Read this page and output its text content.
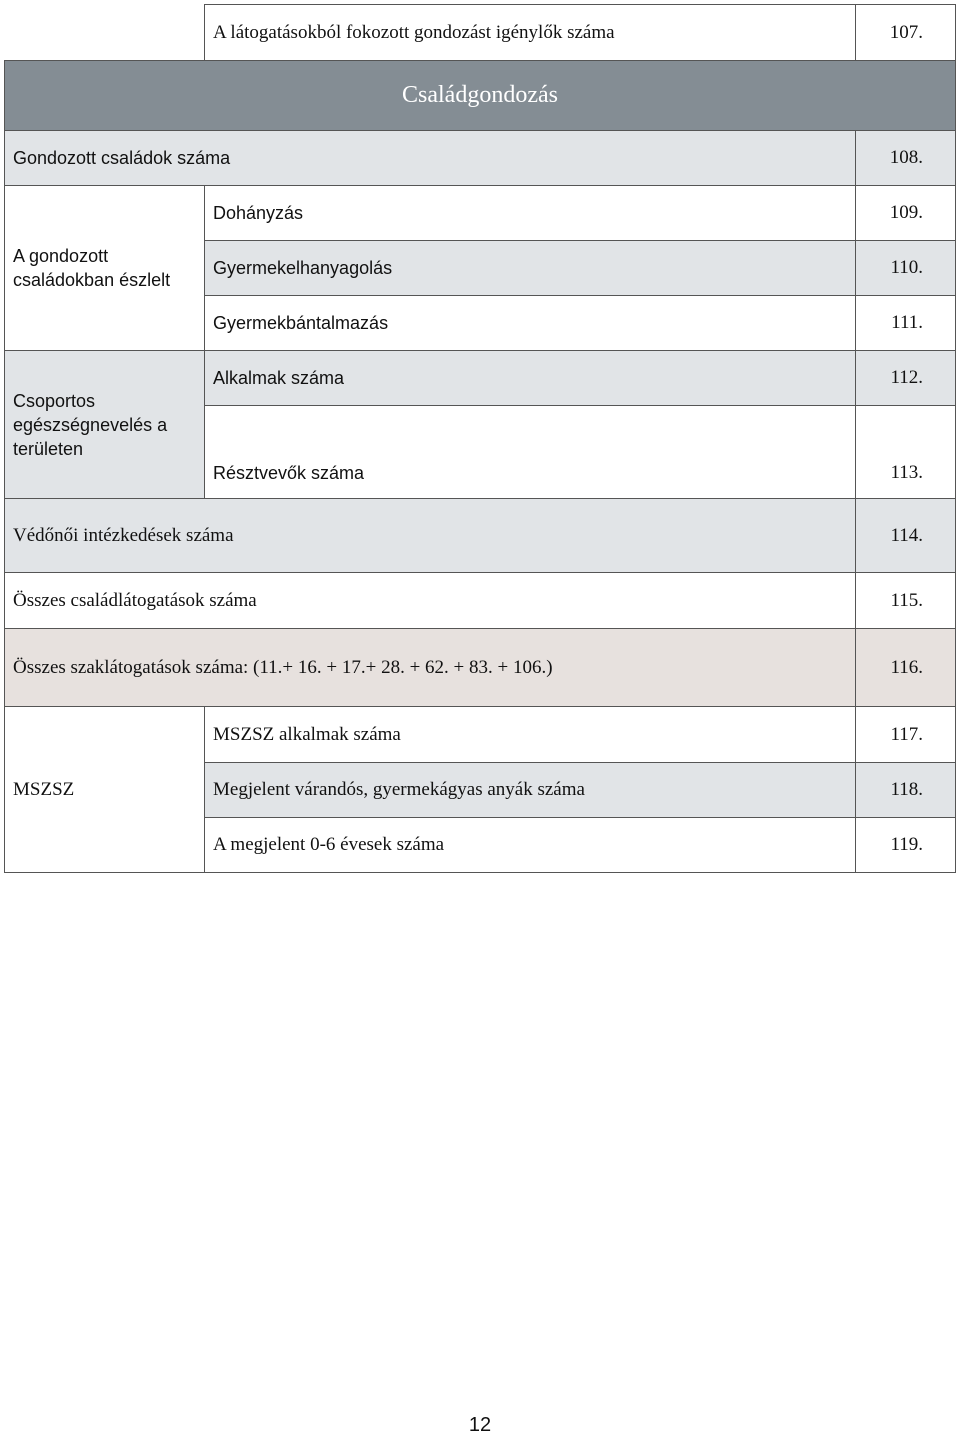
	A látogatásokból fokozott gondozást igénylők száma	107.
Családgondozás		
Gondozott családok száma		108.
A gondozott családokban észlelt	Dohányzás	109.
	Gyermekelhanyagolás	110.
	Gyermekbántalmazás	111.
Csoportos egészségnevelés a területen	Alkalmak száma	112.
	Résztvevők száma	113.
Védőnői intézkedések száma		114.
Összes családlátogatások száma		115.
Összes szaklátogatások száma: (11.+ 16. + 17.+ 28. + 62. + 83. + 106.)		116.
MSZSZ	MSZSZ alkalmak száma	117.
	Megjelent várandós, gyermekágyas anyák száma	118.
	A megjelent 0-6 évesek száma	119.
12
